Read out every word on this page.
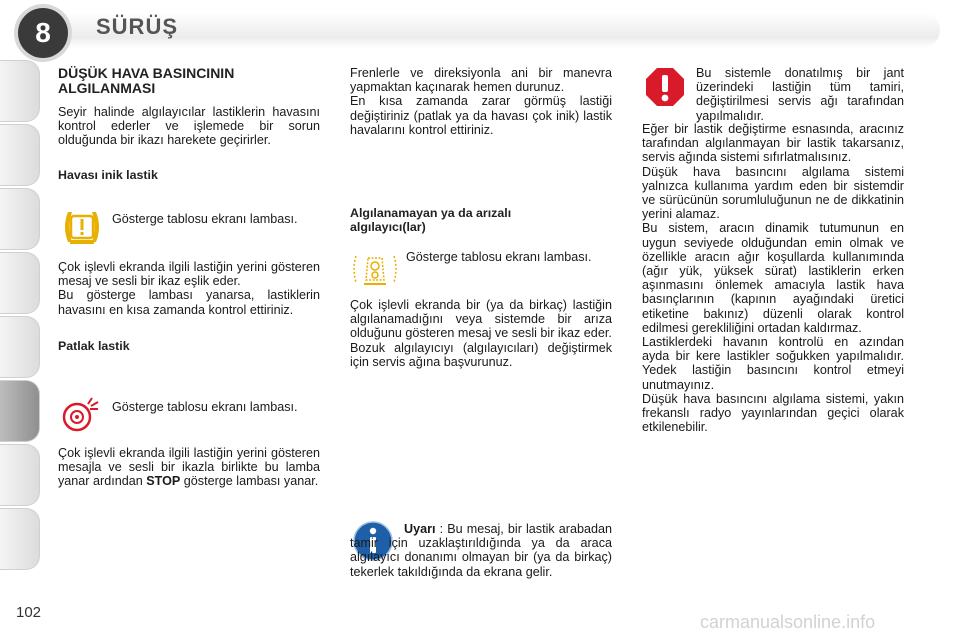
8	SÜRÜŞ
DÜŞÜK HAVA BASINCININ
ALGILANMASI

Seyir halinde algılayıcılar lastiklerin havasını kontrol ederler ve işlemede bir sorun olduğunda bir ikazı harekete geçirirler.

Havası inik lastik
Gösterge tablosu ekranı lambası.

Çok işlevli ekranda ilgili lastiğin yerini gösteren mesaj ve sesli bir ikaz eşlik eder.

Bu gösterge lambası yanarsa, lastiklerin havasını en kısa zamanda kontrol ettiriniz.

Patlak lastik
Gösterge tablosu ekranı lambası.

Çok işlevli ekranda ilgili lastiğin yerini gösteren mesajla ve sesli bir ikazla birlikte bu lamba yanar ardından STOP gösterge lambası yanar.

Frenlerle ve direksiyonla ani bir manevra yapmaktan kaçınarak hemen durunuz.

En kısa zamanda zarar görmüş lastiği değiştiriniz (patlak ya da havası çok inik) lastik havalarını kontrol ettiriniz.

Algılanamayan ya da arızalı algılayıcı(lar)
Gösterge tablosu ekranı lambası.

Çok işlevli ekranda bir (ya da birkaç) lastiğin algılanamadığını veya sistemde bir arıza olduğunu gösteren mesaj ve sesli bir ikaz eder.

Bozuk algılayıcıyı (algılayıcıları) değiştirmek için servis ağına başvurunuz.

Uyarı : Bu mesaj, bir lastik arabadan tamir için uzaklaştırıldığında ya da araca algılayıcı donanımı olmayan bir (ya da birkaç) tekerlek takıldığında da ekrana gelir.

Bu sistemle donatılmış bir jant üzerindeki lastiğin tüm tamiri, değiştirilmesi servis ağı tarafından yapılmalıdır.

Eğer bir lastik değiştirme esnasında, aracınız tarafından algılanmayan bir lastik takarsanız, servis ağında sistemi sıfırlatmalısınız.

Düşük hava basıncını algılama sistemi yalnızca kullanıma yardım eden bir sistemdir ve sürücünün sorumluluğunun ne de dikkatinin yerini alamaz.

Bu sistem, aracın dinamik tutumunun en uygun seviyede olduğundan emin olmak ve özellikle aracın ağır koşullarda kullanımında (ağır yük, yüksek sürat) lastiklerin erken aşınmasını önlemek amacıyla lastik hava basınçlarının (kapının ayağındaki üretici etiketine bakınız) düzenli olarak kontrol edilmesi gerekliliğini ortadan kaldırmaz.

Lastiklerdeki havanın kontrolü en azından ayda bir kere lastikler soğukken yapılmalıdır. Yedek lastiğin basıncını kontrol etmeyi unutmayınız.

Düşük hava basıncını algılama sistemi, yakın frekanslı radyo yayınlarından geçici olarak etkilenebilir.

102	carmanualsonline.info
